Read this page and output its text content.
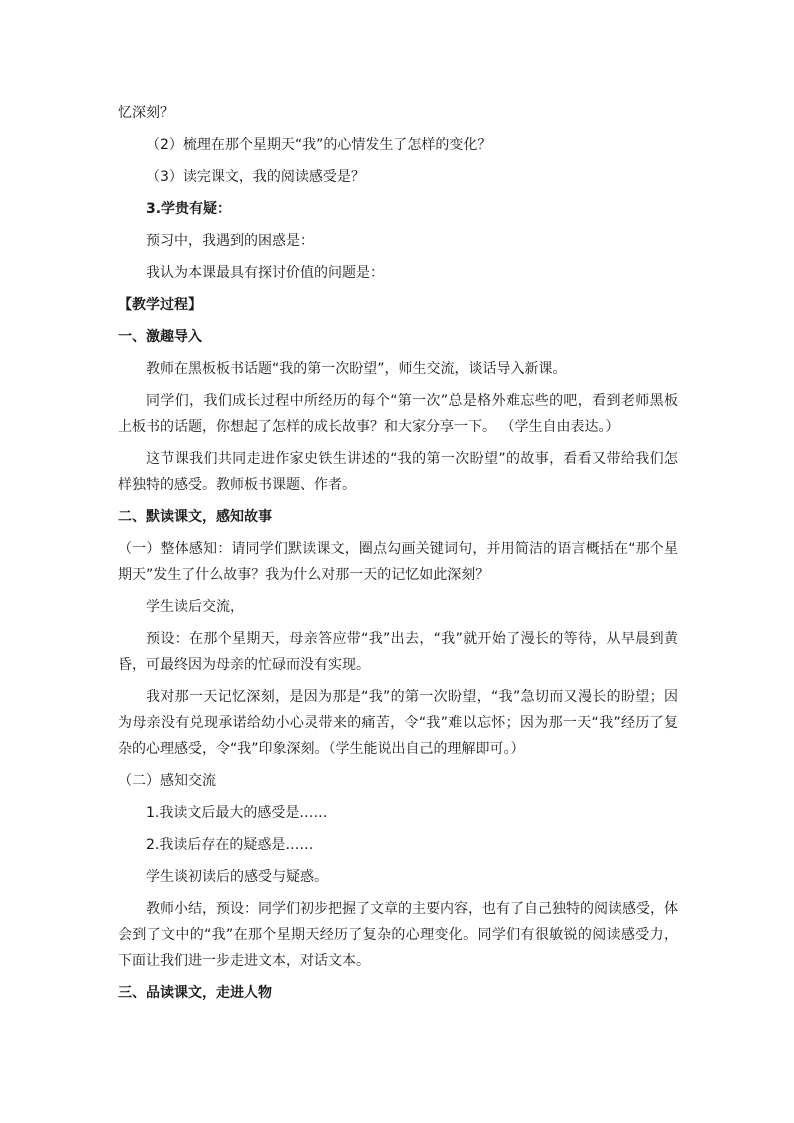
忆深刻？

（2）梳理在那个星期天“我”的心情发生了怎样的变化？

（3）读完课文，我的阅读感受是？

3.学贵有疑：

预习中，我遇到的困惑是：

我认为本课最具有探讨价值的问题是：

【教学过程】

一、激趣导入

教师在黑板板书话题“我的第一次盼望”，师生交流，谈话导入新课。

同学们，我们成长过程中所经历的每个“第一次”总是格外难忘些的吧，看到老师黑板上板书的话题，你想起了怎样的成长故事？和大家分享一下。 （学生自由表达。）

这节课我们共同走进作家史铁生讲述的“我的第一次盼望”的故事，看看又带给我们怎样独特的感受。教师板书课题、作者。

二、默读课文，感知故事

（一）整体感知：请同学们默读课文，圈点勾画关键词句，并用简洁的语言概括在“那个星期天”发生了什么故事？我为什么对那一天的记忆如此深刻？

学生读后交流，

预设：在那个星期天，母亲答应带“我”出去，“我”就开始了漫长的等待，从早晨到黄昏，可最终因为母亲的忙碌而没有实现。

我对那一天记忆深刻，是因为那是“我”的第一次盼望，“我”急切而又漫长的盼望；因为母亲没有兑现承诺给幼小心灵带来的痛苦，令“我”难以忘怀；因为那一天“我”经历了复杂的心理感受，令“我”印象深刻。（学生能说出自己的理解即可。）

（二）感知交流

1.我读文后最大的感受是……

2.我读后存在的疑惑是……

学生谈初读后的感受与疑惑。

教师小结，预设：同学们初步把握了文章的主要内容，也有了自己独特的阅读感受，体会到了文中的“我”在那个星期天经历了复杂的心理变化。同学们有很敏锐的阅读感受力，下面让我们进一步走进文本，对话文本。

三、品读课文，走进人物
